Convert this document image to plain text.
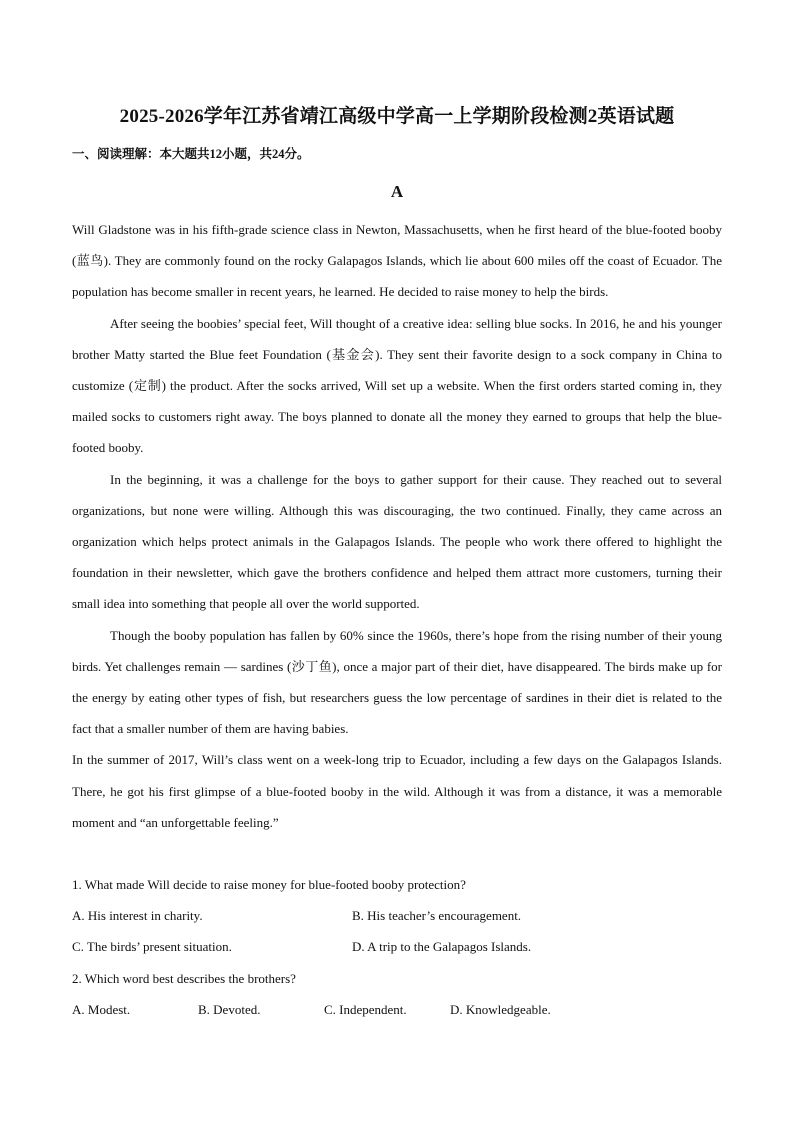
2025-2026学年江苏省靖江高级中学高一上学期阶段检测2英语试题
一、阅读理解：本大题共12小题，共24分。
A

Will Gladstone was in his fifth-grade science class in Newton, Massachusetts, when he first heard of the blue-footed booby (蓝鸟). They are commonly found on the rocky Galapagos Islands, which lie about 600 miles off the coast of Ecuador. The population has become smaller in recent years, he learned. He decided to raise money to help the birds.

After seeing the boobies’ special feet, Will thought of a creative idea: selling blue socks. In 2016, he and his younger brother Matty started the Blue feet Foundation (基金会). They sent their favorite design to a sock company in China to customize (定制) the product. After the socks arrived, Will set up a website. When the first orders started coming in, they mailed socks to customers right away. The boys planned to donate all the money they earned to groups that help the blue-footed booby.

In the beginning, it was a challenge for the boys to gather support for their cause. They reached out to several organizations, but none were willing. Although this was discouraging, the two continued. Finally, they came across an organization which helps protect animals in the Galapagos Islands. The people who work there offered to highlight the foundation in their newsletter, which gave the brothers confidence and helped them attract more customers, turning their small idea into something that people all over the world supported.

Though the booby population has fallen by 60% since the 1960s, there’s hope from the rising number of their young birds. Yet challenges remain — sardines (沙丁鱼), once a major part of their diet, have disappeared. The birds make up for the energy by eating other types of fish, but researchers guess the low percentage of sardines in their diet is related to the fact that a smaller number of them are having babies.

In the summer of 2017, Will’s class went on a week-long trip to Ecuador, including a few days on the Galapagos Islands. There, he got his first glimpse of a blue-footed booby in the wild. Although it was from a distance, it was a memorable moment and “an unforgettable feeling.”

1. What made Will decide to raise money for blue-footed booby protection?

A. His interest in charity.	B. His teacher’s encouragement.
C. The birds’ present situation.	D. A trip to the Galapagos Islands.

2. Which word best describes the brothers?

A. Modest.	B. Devoted.	C. Independent.	D. Knowledgeable.
